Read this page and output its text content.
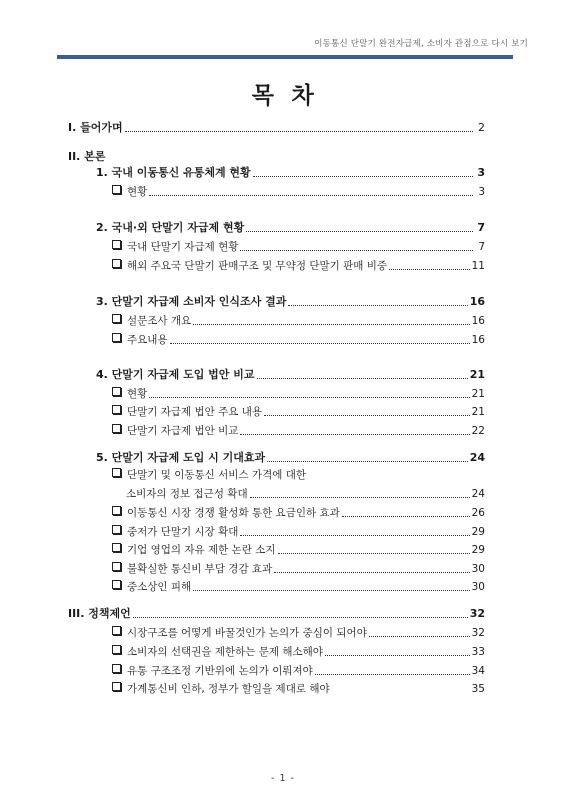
이동통신 단말기 완전자급제, 소비자 관점으로 다시 보기
목  차
I. 들어가며	2
II. 본론
1. 국내 이동통신 유통체계 현황	3
현황	3
2. 국내·외 단말기 자급제 현황	7
국내 단말기 자급제 현황	7
해외 주요국 단말기 판매구조 및 무약정 단말기 판매 비중	11
3. 단말기 자급제 소비자 인식조사 결과	16
설문조사 개요	16
주요내용	16
4. 단말기 자급제 도입 법안 비교	21
현황	21
단말기 자급제 법안 주요 내용	21
단말기 자급제 법안 비교	22
5. 단말기 자급제 도입 시 기대효과	24
단말기 및 이동통신 서비스 가격에 대한
소비자의 정보 접근성 확대	24
이동통신 시장 경쟁 활성화 통한 요금인하 효과	26
중저가 단말기 시장 확대	29
기업 영업의 자유 제한 논란 소지	29
불확실한 통신비 부담 경감 효과	30
중소상인 피해	30
III. 정책제언	32
시장구조를 어떻게 바꿀것인가 논의가 중심이 되어야	32
소비자의 선택권을 제한하는 문제 해소해야	33
유통 구조조정 기반위에 논의가 이뤄져야	34
가계통신비 인하, 정부가 할일을 제대로 해야	35
- 1 -
